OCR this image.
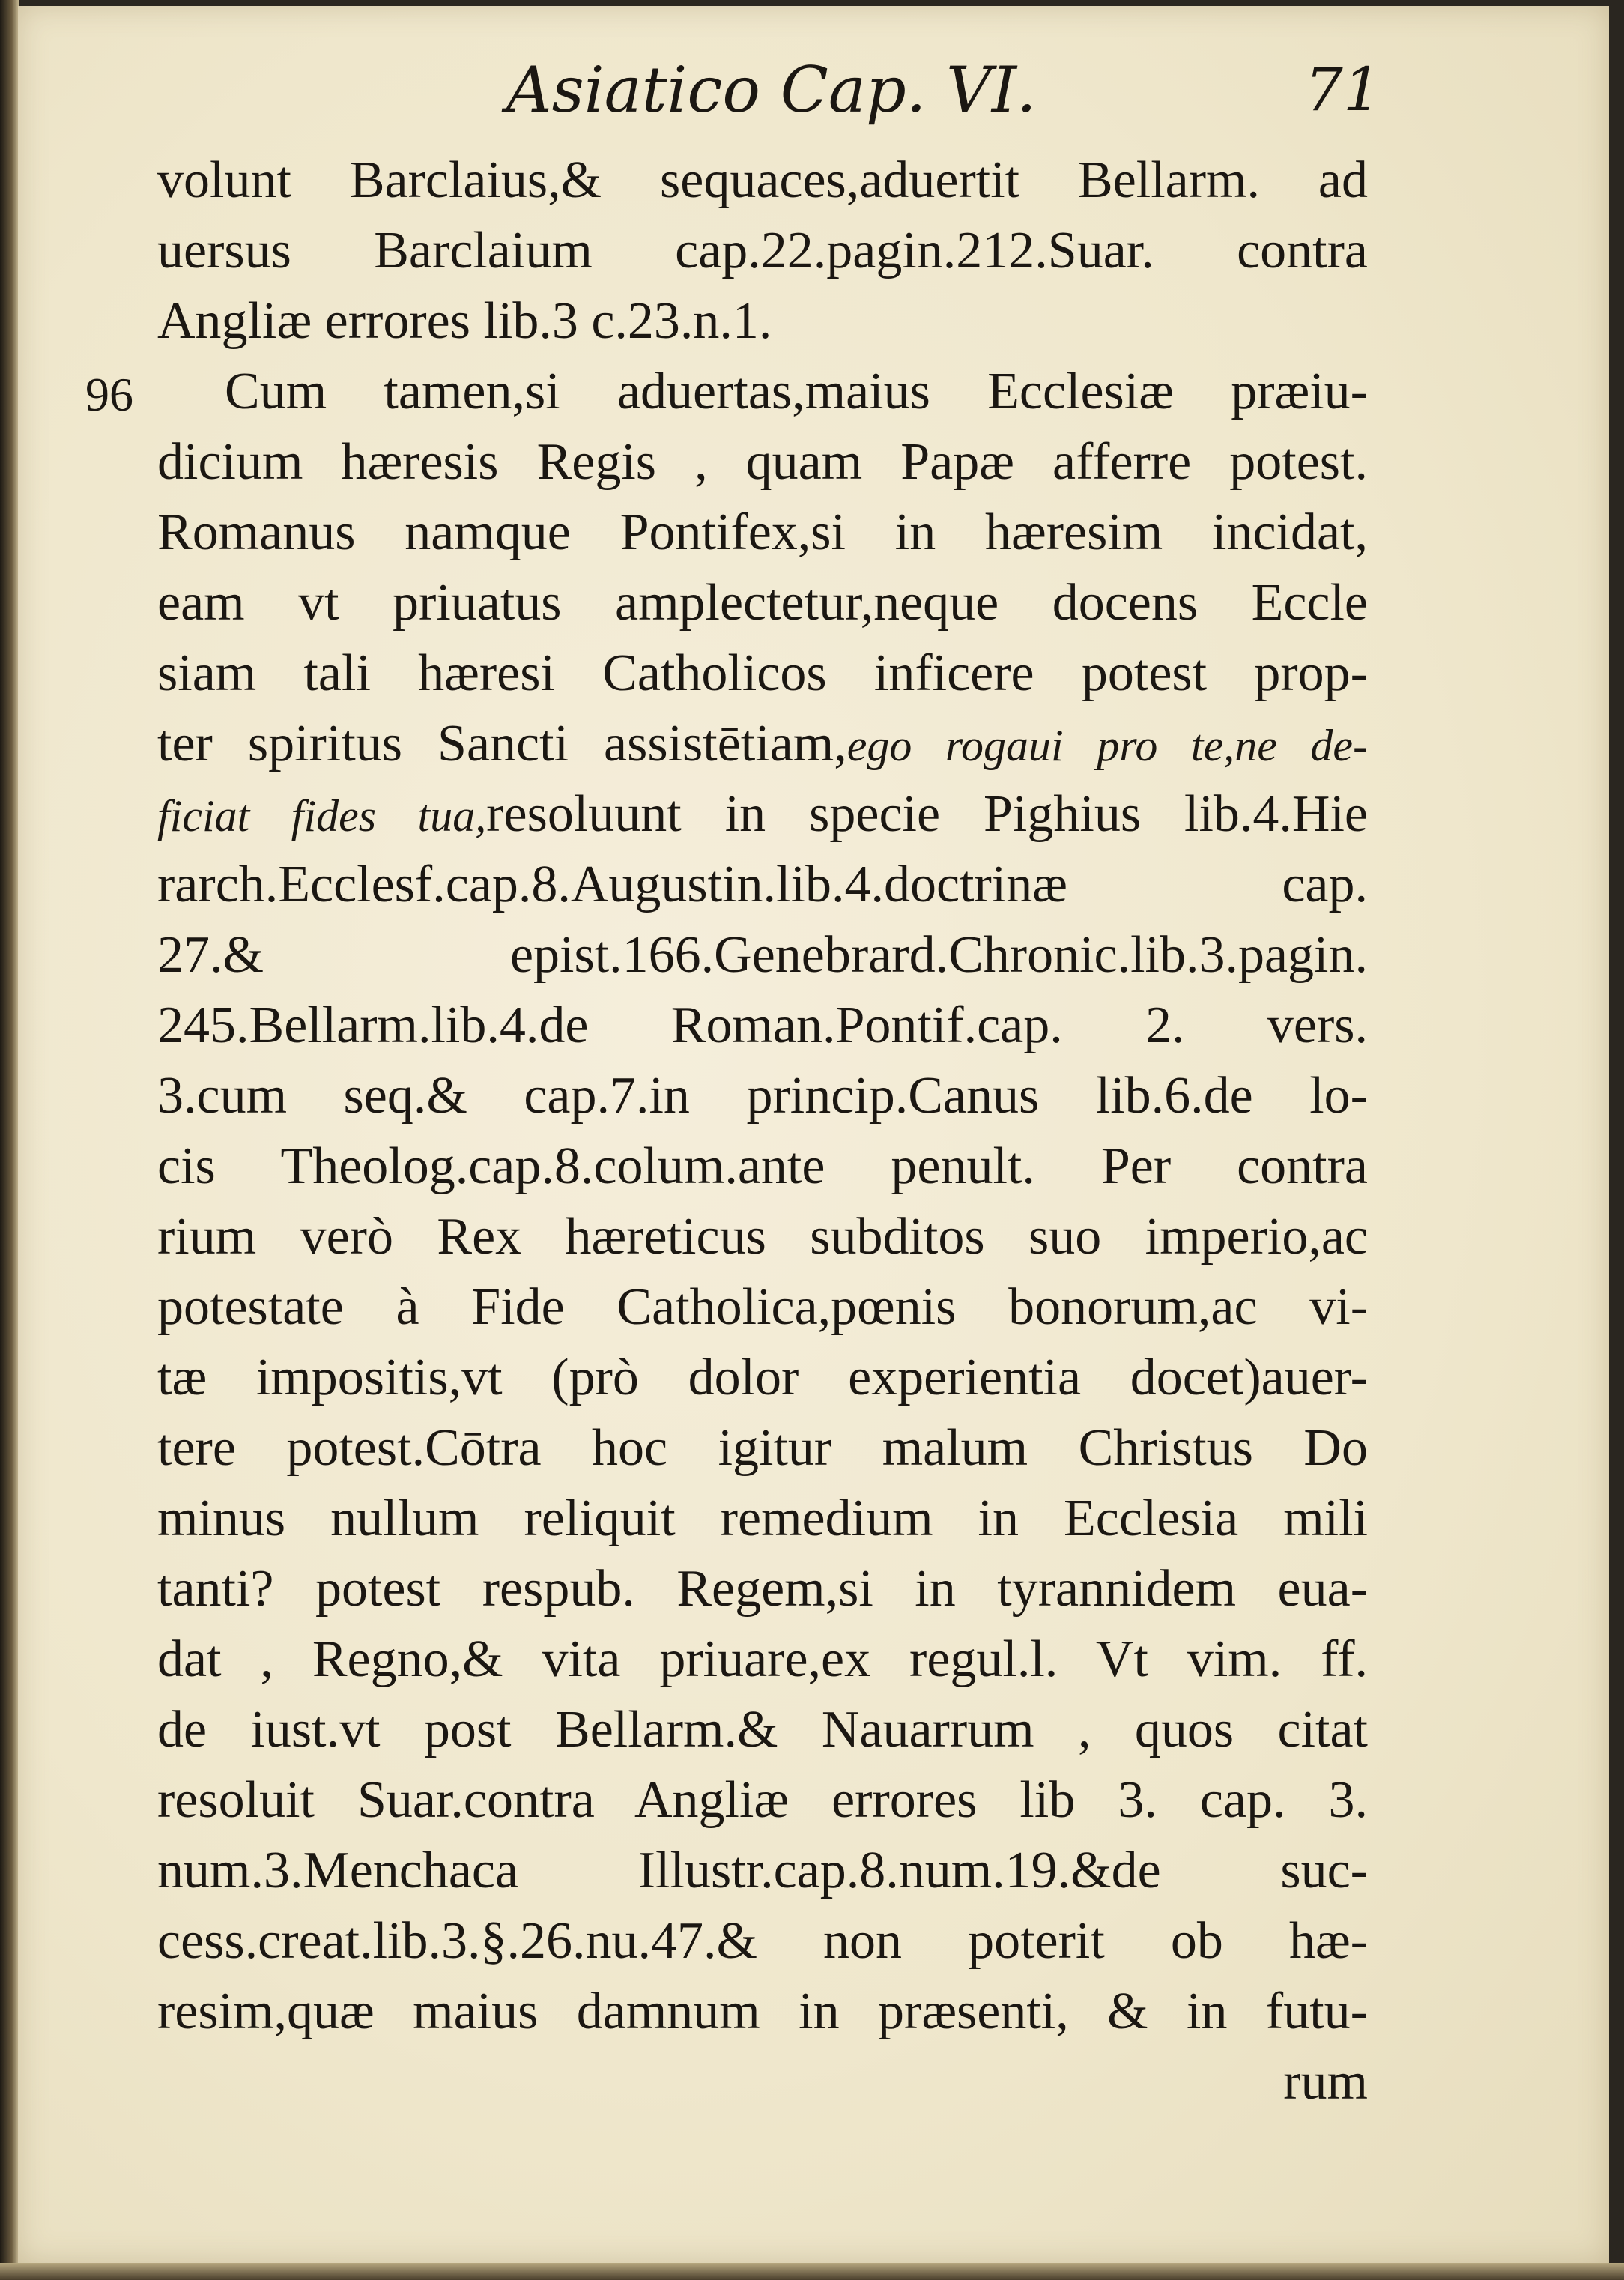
Asiatico Cap. VI.	71
96
volunt Barclaius,& sequaces,aduertit Bellarm. ad
uersus Barclaium cap.22.pagin.212.Suar. contra
Angliæ errores lib.3 c.23.n.1.
Cum tamen,si aduertas,maius Ecclesiæ præiu-
dicium hæresis Regis , quam Papæ afferre potest.
Romanus namque Pontifex,si in hæresim incidat,
eam vt priuatus amplectetur,neque docens Eccle
siam tali hæresi Catholicos inficere potest prop-
ter spiritus Sancti assistētiam,ego rogaui pro te,ne de-
ficiat fides tua,resoluunt in specie Pighius lib.4.Hie
rarch.Ecclesf.cap.8.Augustin.lib.4.doctrinæ cap.
27.& epist.166.Genebrard.Chronic.lib.3.pagin.
245.Bellarm.lib.4.de Roman.Pontif.cap. 2. vers.
3.cum seq.& cap.7.in princip.Canus lib.6.de lo-
cis Theolog.cap.8.colum.ante penult. Per contra
rium verò Rex hæreticus subditos suo imperio,ac
potestate à Fide Catholica,pœnis bonorum,ac vi-
tæ impositis,vt (prò dolor experientia docet)auer-
tere potest.Cōtra hoc igitur malum Christus Do
minus nullum reliquit remedium in Ecclesia mili
tanti? potest respub. Regem,si in tyrannidem eua-
dat , Regno,& vita priuare,ex regul.l. Vt vim. ff.
de iust.vt post Bellarm.& Nauarrum , quos citat
resoluit Suar.contra Angliæ errores lib 3. cap. 3.
num.3.Menchaca Illustr.cap.8.num.19.&de suc-
cess.creat.lib.3.§.26.nu.47.& non poterit ob hæ-
resim,quæ maius damnum in præsenti, & in futu-
rum
